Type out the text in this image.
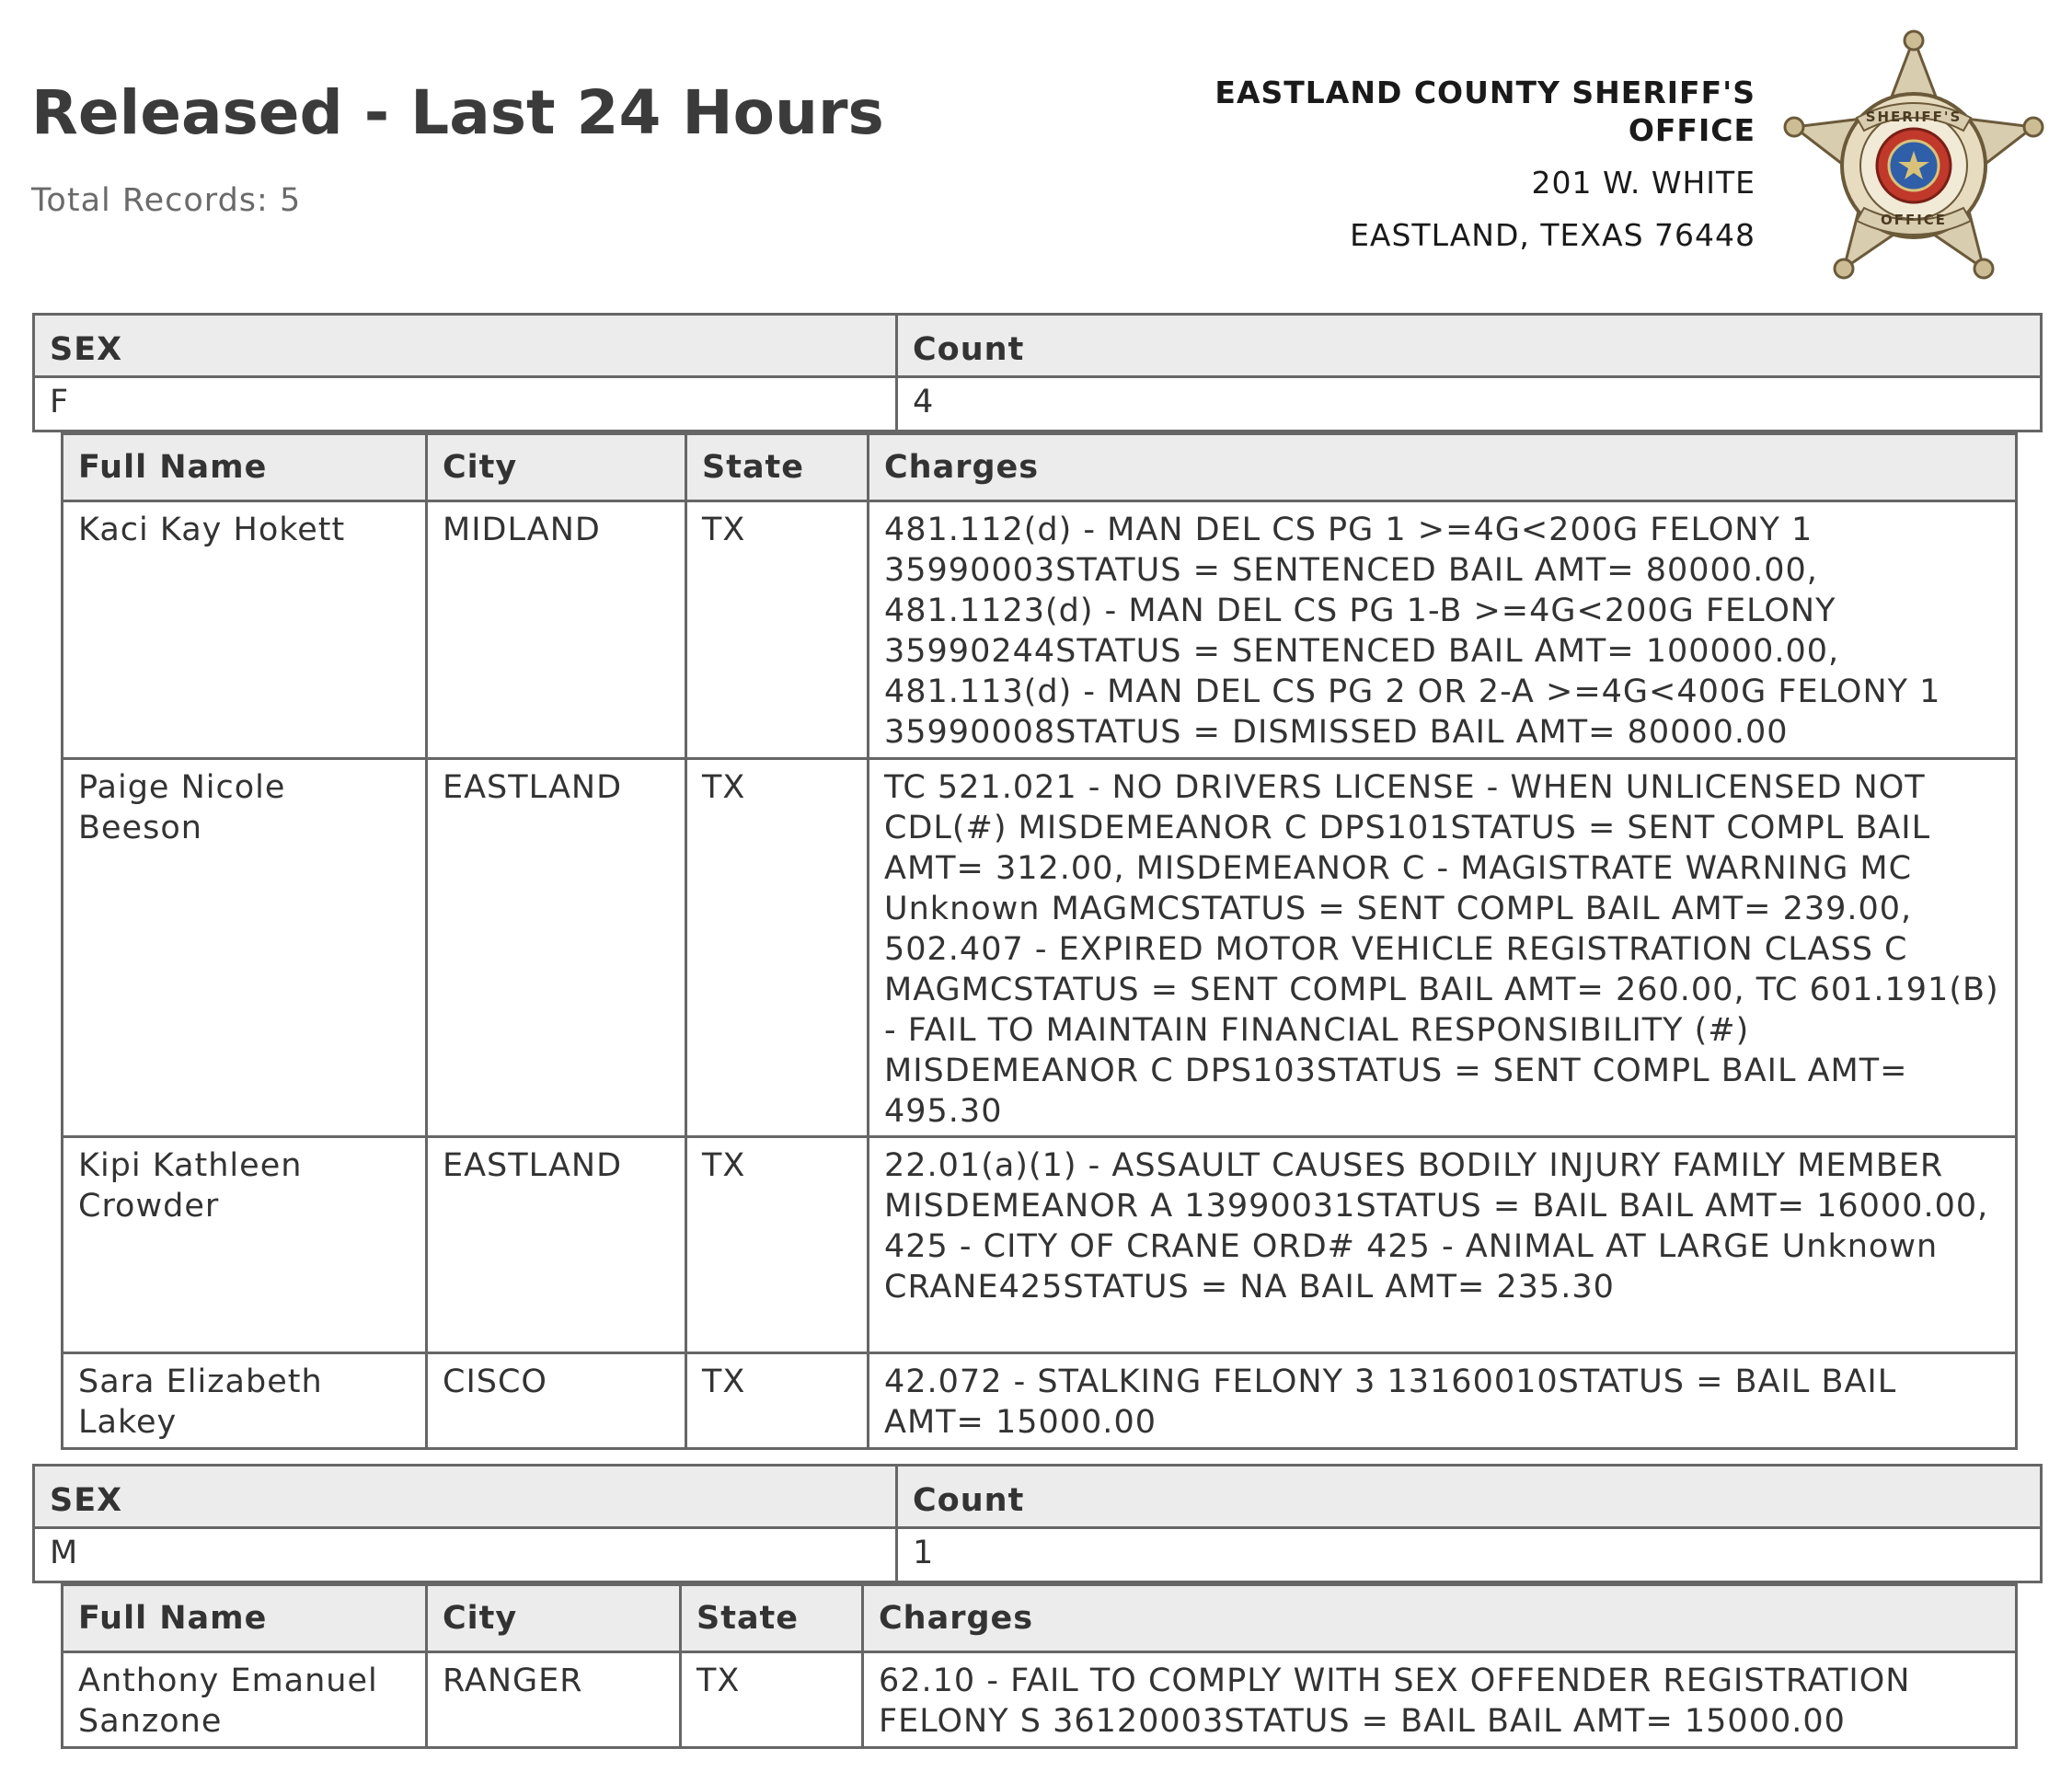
Released - Last 24 Hours
Total Records: 5
EASTLAND COUNTY SHERIFF'S OFFICE
201 W. WHITE
EASTLAND, TEXAS 76448
SHERIFF'S
OFFICE
SEX	Count
F	4
Full Name	City	State	Charges
Kaci Kay Hokett	MIDLAND	TX	481.112(d) - MAN DEL CS PG 1 >=4G<200G FELONY 1 35990003STATUS = SENTENCED BAIL AMT= 80000.00, 481.1123(d) - MAN DEL CS PG 1-B >=4G<200G FELONY 35990244STATUS = SENTENCED BAIL AMT= 100000.00, 481.113(d) - MAN DEL CS PG 2 OR 2-A >=4G<400G FELONY 1 35990008STATUS = DISMISSED BAIL AMT= 80000.00
Paige Nicole Beeson	EASTLAND	TX	TC 521.021 - NO DRIVERS LICENSE - WHEN UNLICENSED NOT CDL(#) MISDEMEANOR C DPS101STATUS = SENT COMPL BAIL AMT= 312.00, MISDEMEANOR C - MAGISTRATE WARNING MC Unknown MAGMCSTATUS = SENT COMPL BAIL AMT= 239.00, 502.407 - EXPIRED MOTOR VEHICLE REGISTRATION CLASS C MAGMCSTATUS = SENT COMPL BAIL AMT= 260.00, TC 601.191(B) - FAIL TO MAINTAIN FINANCIAL RESPONSIBILITY (#) MISDEMEANOR C DPS103STATUS = SENT COMPL BAIL AMT= 495.30
Kipi Kathleen Crowder	EASTLAND	TX	22.01(a)(1) - ASSAULT CAUSES BODILY INJURY FAMILY MEMBER MISDEMEANOR A 13990031STATUS = BAIL BAIL AMT= 16000.00, 425 - CITY OF CRANE ORD# 425 - ANIMAL AT LARGE Unknown CRANE425STATUS = NA BAIL AMT= 235.30
Sara Elizabeth Lakey	CISCO	TX	42.072 - STALKING FELONY 3 13160010STATUS = BAIL BAIL AMT= 15000.00
SEX	Count
M	1
Full Name	City	State	Charges
Anthony Emanuel Sanzone	RANGER	TX	62.10 - FAIL TO COMPLY WITH SEX OFFENDER REGISTRATION FELONY S 36120003STATUS = BAIL BAIL AMT= 15000.00
